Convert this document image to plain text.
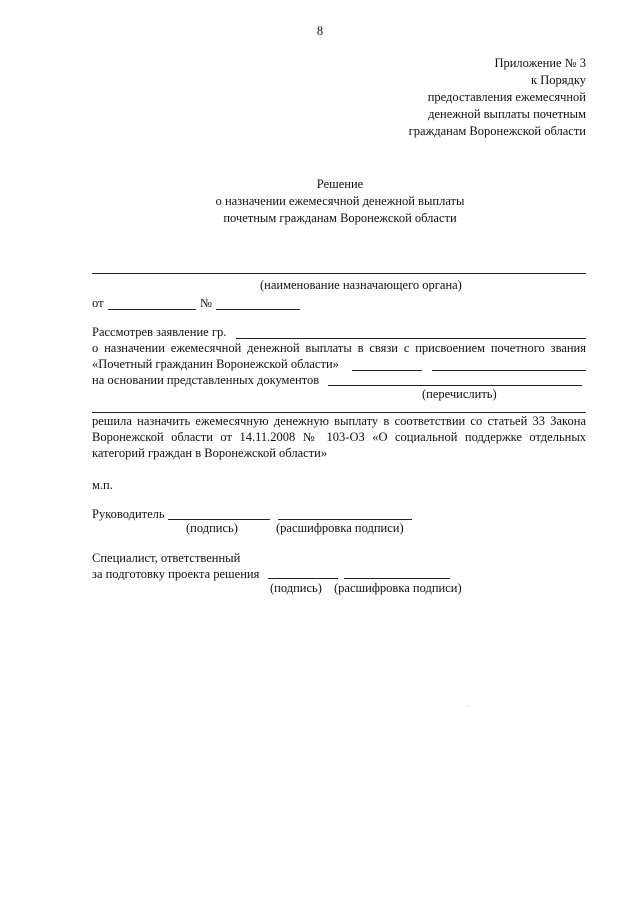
8
Приложение № 3
к Порядку
предоставления ежемесячной
денежной выплаты почетным
гражданам Воронежской области
Решение
о назначении ежемесячной денежной выплаты
почетным гражданам Воронежской области
(наименование назначающего органа)
от	№
Рассмотрев заявление гр.
о назначении ежемесячной денежной выплаты в связи с присвоением почетного звания
«Почетный гражданин Воронежской области»
на основании представленных документов
(перечислить)
решила назначить ежемесячную денежную выплату в соответствии со статьей 33 Закона
Воронежской области от 14.11.2008 № 103-ОЗ «О социальной поддержке отдельных
категорий граждан в Воронежской области»
м.п.
Руководитель
(подпись)	(расшифровка подписи)
Специалист, ответственный
за подготовку проекта решения
(подпись) (расшифровка подписи)
